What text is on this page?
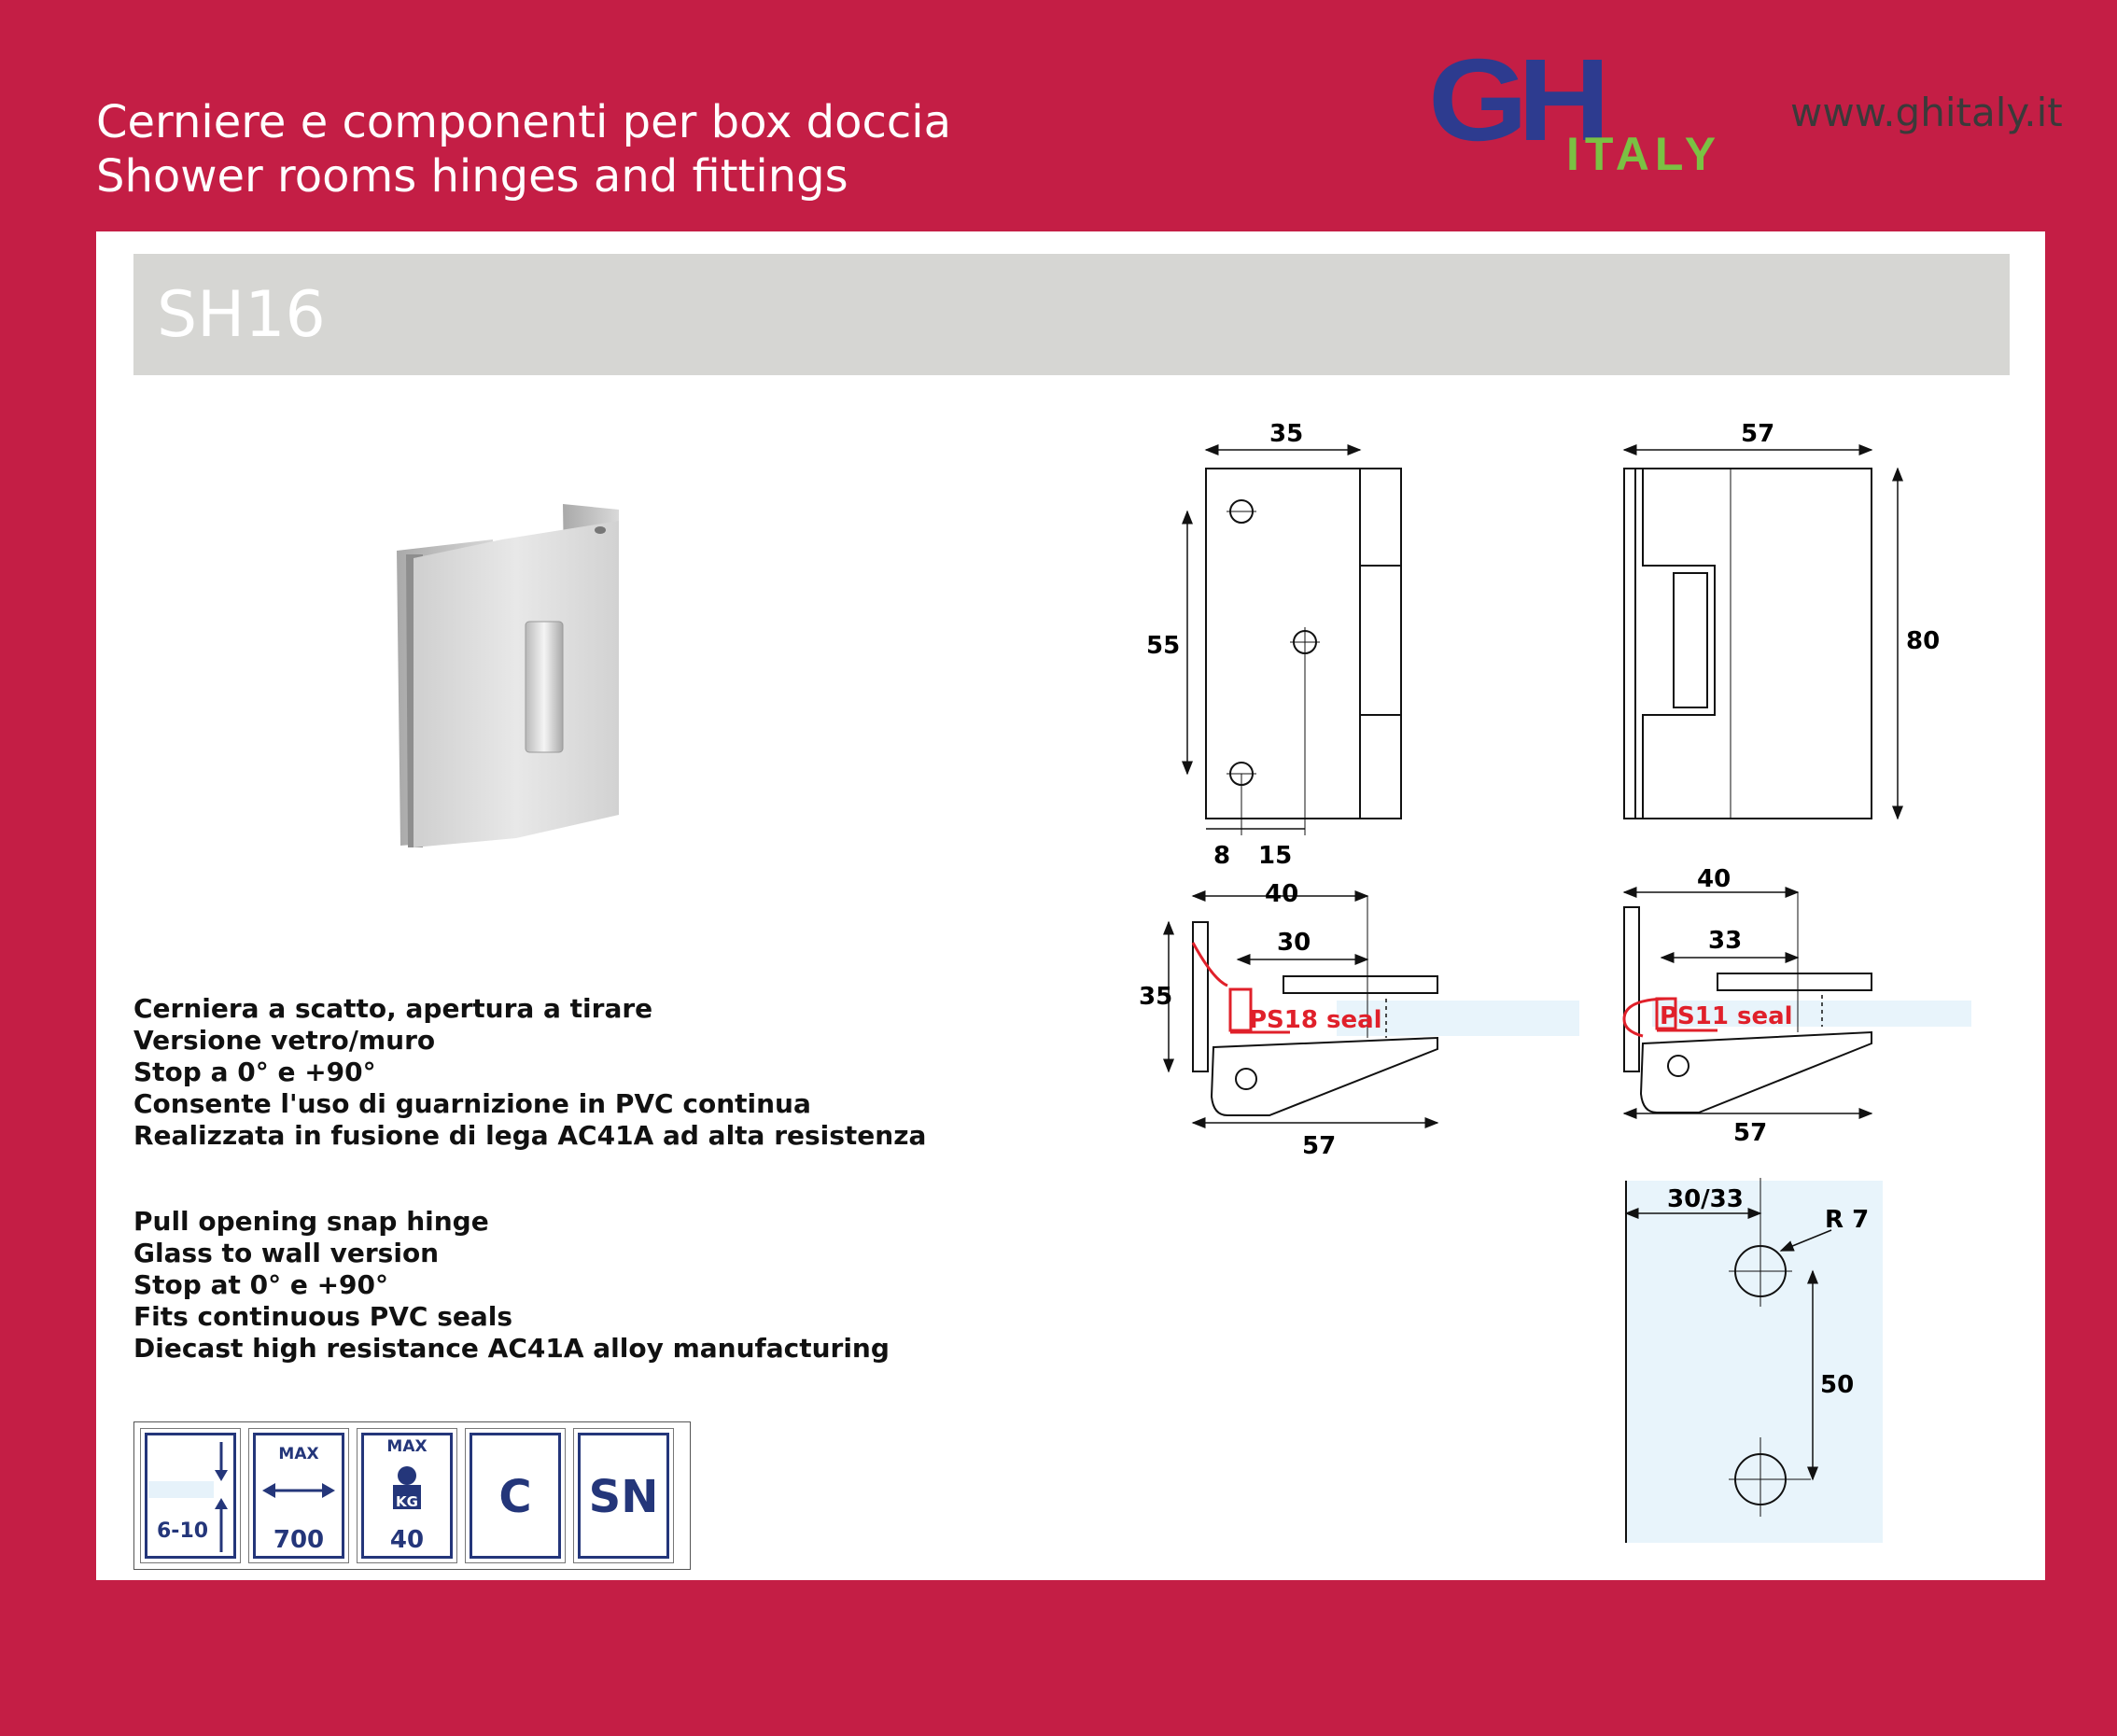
Cerniere e componenti per box doccia
Shower rooms hinges and fittings
GH
ITALY
www.ghitaly.it
SH16
Cerniera a scatto, apertura a tirare
Versione vetro/muro
Stop a 0° e +90°
Consente l'uso di guarnizione in PVC continua
Realizzata in fusione di lega AC41A ad alta resistenza
Pull opening snap hinge
Glass to wall version
Stop at 0° e +90°
Fits continuous PVC seals
Diecast high resistance AC41A alloy manufacturing
6-10
MAX
700
MAX
KG
40
C	SN
35
55
8 15
57
80
40
30
35
57
PS18 seal
40
33
57
PS11 seal
30/33
R 7
50
